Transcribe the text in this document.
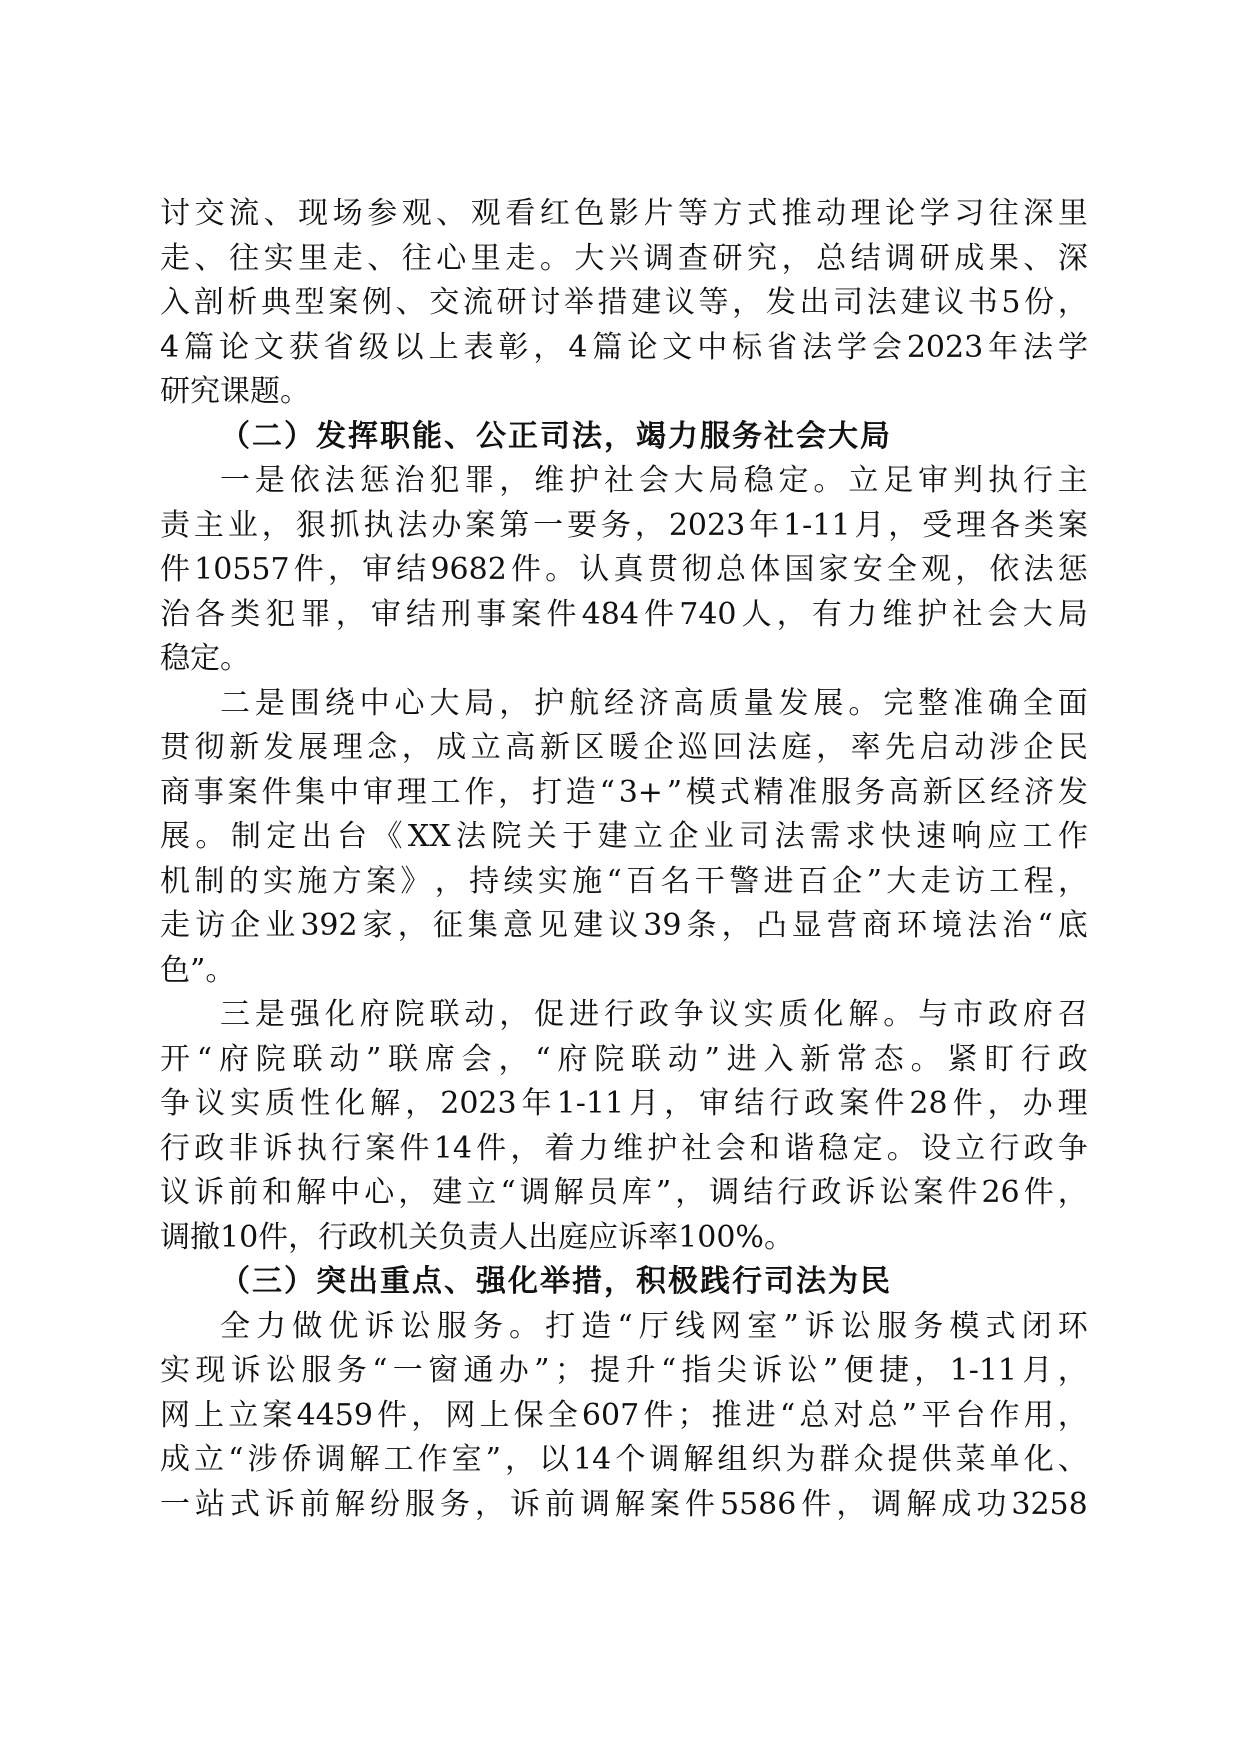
讨 交 流 、 现 场 参 观 、 观 看 红 色 影 片 等 方 式 推 动 理 论 学 习 往 深 里
走 、 往 实 里 走 、 往 心 里 走 。 大 兴 调 查 研 究 ， 总 结 调 研 成 果 、 深
入 剖 析 典 型 案 例 、 交 流 研 讨 举 措 建 议 等 ， 发 出 司 法 建 议 书 5 份 ，
4 篇 论 文 获 省 级 以 上 表 彰 ， 4 篇 论 文 中 标 省 法 学 会 2023 年 法 学
研究课题。
（二）发挥职能、公正司法，竭力服务社会大局
一 是 依 法 惩 治 犯 罪 ， 维 护 社 会 大 局 稳 定 。 立 足 审 判 执 行 主
责 主 业 ， 狠 抓 执 法 办 案 第 一 要 务 ， 2023 年 1-11 月 ， 受 理 各 类 案
件 10557 件 ， 审 结 9682 件 。 认 真 贯 彻 总 体 国 家 安 全 观 ， 依 法 惩
治 各 类 犯 罪 ， 审 结 刑 事 案 件 484 件 740 人 ， 有 力 维 护 社 会 大 局
稳定。
二 是 围 绕 中 心 大 局 ， 护 航 经 济 高 质 量 发 展 。 完 整 准 确 全 面
贯 彻 新 发 展 理 念 ， 成 立 高 新 区 暖 企 巡 回 法 庭 ， 率 先 启 动 涉 企 民
商 事 案 件 集 中 审 理 工 作 ， 打 造 “ 3+ ” 模 式 精 准 服 务 高 新 区 经 济 发
展 。 制 定 出 台 《 XX 法 院 关 于 建 立 企 业 司 法 需 求 快 速 响 应 工 作
机 制 的 实 施 方 案 》 ， 持 续 实 施 “ 百 名 干 警 进 百 企 ” 大 走 访 工 程 ，
走 访 企 业 392 家 ， 征 集 意 见 建 议 39 条 ， 凸 显 营 商 环 境 法 治 “ 底
色”。
三 是 强 化 府 院 联 动 ， 促 进 行 政 争 议 实 质 化 解 。 与 市 政 府 召
开 “ 府 院 联 动 ” 联 席 会 ， “ 府 院 联 动 ” 进 入 新 常 态 。 紧 盯 行 政
争 议 实 质 性 化 解 ， 2023 年 1-11 月 ， 审 结 行 政 案 件 28 件 ， 办 理
行 政 非 诉 执 行 案 件 14 件 ， 着 力 维 护 社 会 和 谐 稳 定 。 设 立 行 政 争
议 诉 前 和 解 中 心 ， 建 立 “ 调 解 员 库 ” ， 调 结 行 政 诉 讼 案 件 26 件 ，
调撤10件，行政机关负责人出庭应诉率100%。
（三）突出重点、强化举措，积极践行司法为民
全 力 做 优 诉 讼 服 务 。 打 造 “ 厅 线 网 室 ” 诉 讼 服 务 模 式 闭 环
实 现 诉 讼 服 务 “ 一 窗 通 办 ” ； 提 升 “ 指 尖 诉 讼 ” 便 捷 ， 1-11 月 ，
网 上 立 案 4459 件 ， 网 上 保 全 607 件 ； 推 进 “ 总 对 总 ” 平 台 作 用 ，
成 立 “ 涉 侨 调 解 工 作 室 ” ， 以 14 个 调 解 组 织 为 群 众 提 供 菜 单 化 、
一 站 式 诉 前 解 纷 服 务 ， 诉 前 调 解 案 件 5586 件 ， 调 解 成 功 3258
